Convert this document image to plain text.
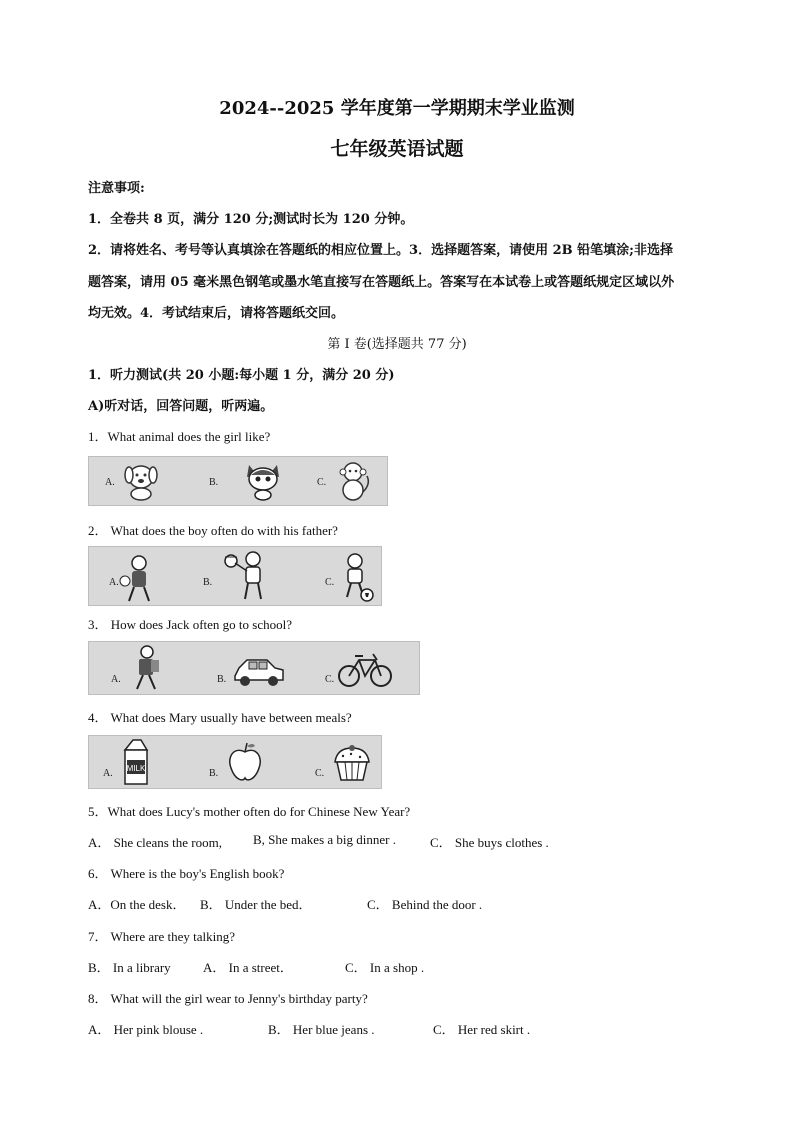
2024--2025 学年度第一学期期末学业监测
七年级英语试题
注意事项:
1．全卷共 8 页，满分 120 分;测试时长为 120 分钟。
2．请将姓名、考号等认真填涂在答题纸的相应位置上。3．选择题答案，请使用 2B 铅笔填涂;非选择
题答案，请用 05 毫米黑色钢笔或墨水笔直接写在答题纸上。答案写在本试卷上或答题纸规定区域以外
均无效。4．考试结束后，请将答题纸交回。
第 I 卷(选择题共 77 分)
1．听力测试(共 20 小题:每小题 1 分，满分 20 分)
A)听对话，回答问题，听两遍。
1．What animal does the girl like?
A.	B.	C.
2． What does the boy often do with his father?
A.	B.	C.
3． How does Jack often go to school?
A.	B.	C.
4． What does Mary usually have between meals?
A. MILK	B.	C.
5．What does Lucy's mother often do for Chinese New Year?
A． She cleans the room, B, She makes a big dinner .	C． She buys clothes .
6． Where is the boy's English book?
A．On the desk． B． Under the bed．	C． Behind the door .
7． Where are they talking?
B． In a library A． In a street．	C． In a shop .
8． What will the girl wear to Jenny's birthday party?
A． Her pink blouse .	B． Her blue jeans .	C． Her red skirt .
